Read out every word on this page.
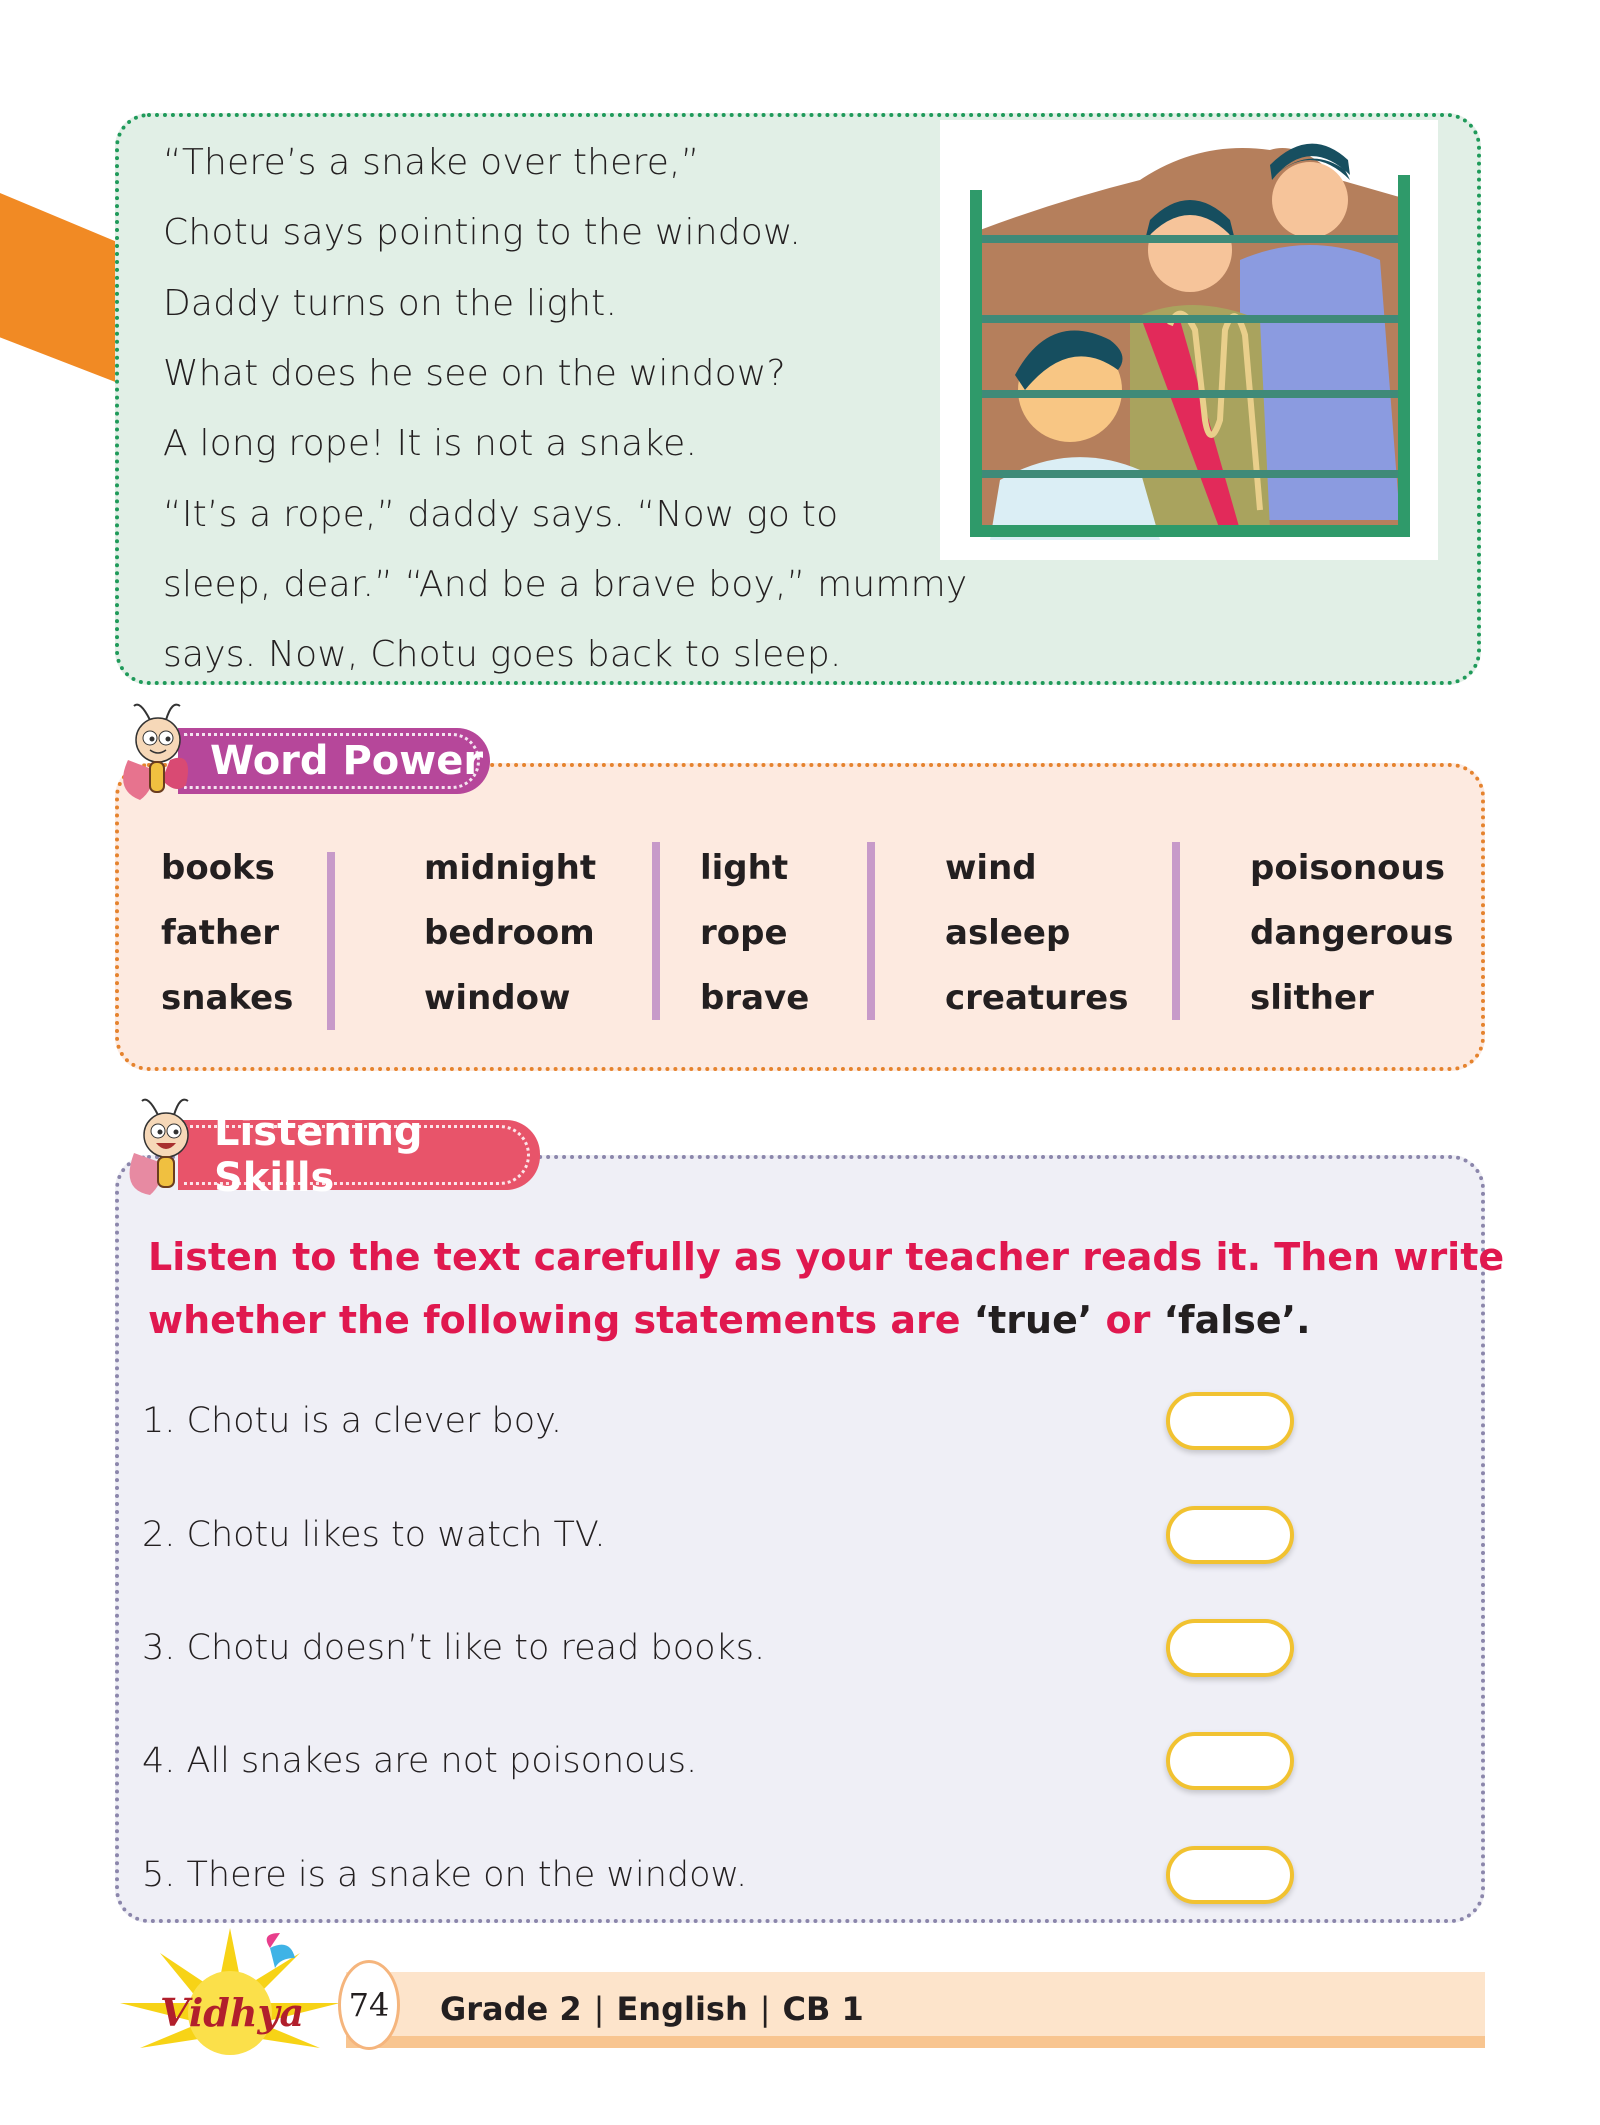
“There’s a snake over there,”
Chotu says pointing to the window.
Daddy turns on the light.
What does he see on the window?
A long rope! It is not a snake.
“It’s a rope,” daddy says. “Now go to
sleep, dear.” “And be a brave boy,” mummy
says. Now, Chotu goes back to sleep.
Word Power
books
father
snakes
midnight
bedroom
window
light
rope
brave
wind
asleep
creatures
poisonous
dangerous
slither
Listening Skills
Listen to the text carefully as your teacher reads it. Then write
whether the following statements are ‘true’ or ‘false’.
1. Chotu is a clever boy.
2. Chotu likes to watch TV.
3. Chotu doesn’t like to read books.
4. All snakes are not poisonous.
5. There is a snake on the window.
Vidhya	74	Grade 2 | English | CB 1
